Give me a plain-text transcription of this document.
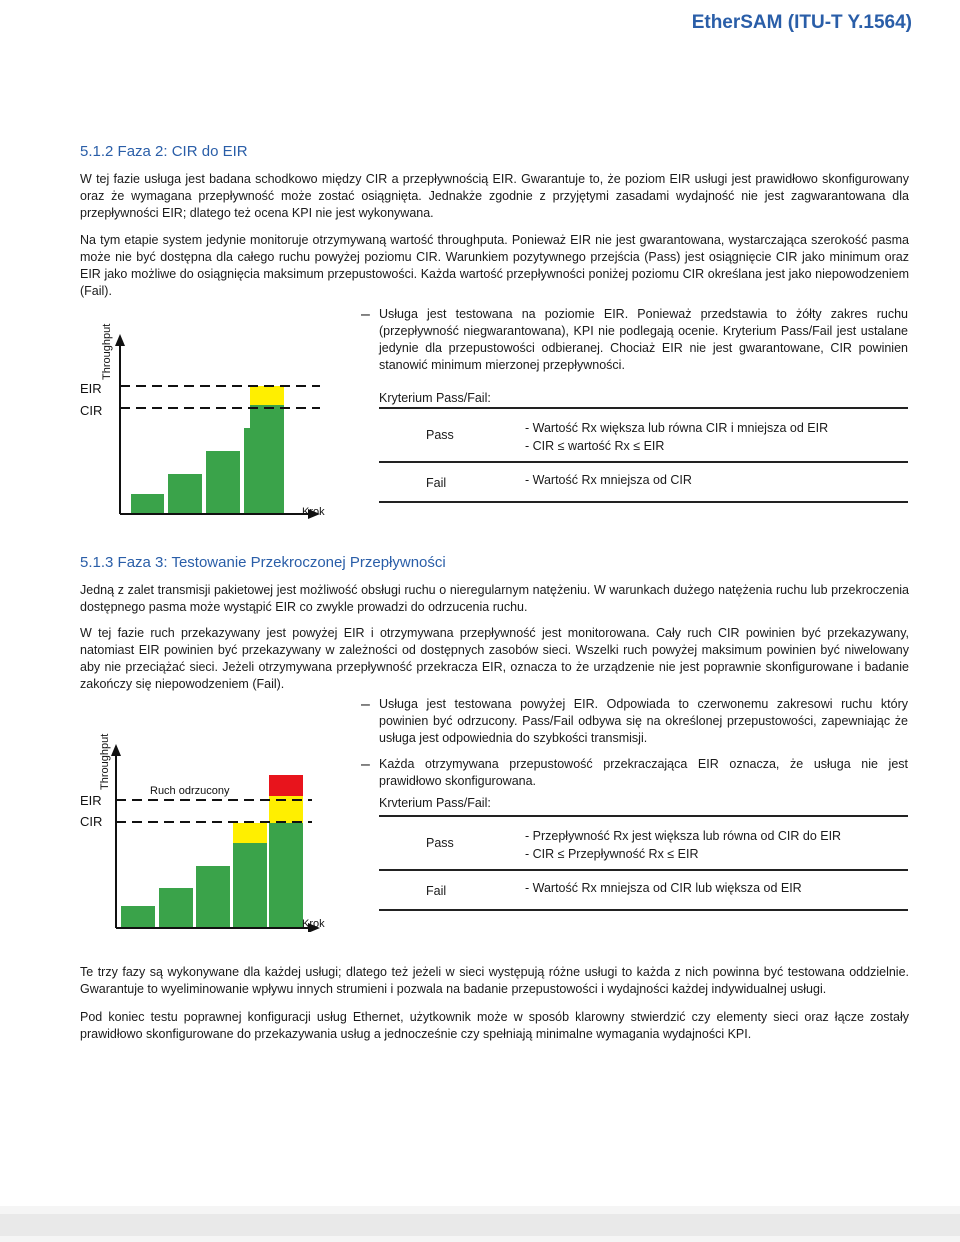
EtherSAM (ITU-T Y.1564)
5.1.2 Faza 2: CIR do EIR

W tej fazie usługa jest badana schodkowo między CIR a przepływnością EIR. Gwarantuje to, że poziom EIR usługi jest prawidłowo skonfigurowany oraz że wymagana przepływność może zostać osiągnięta. Jednakże zgodnie z przyjętymi zasadami wydajność nie jest zagwarantowana dla przepływności EIR; dlatego też ocena KPI nie jest wykonywana.

Na tym etapie system jedynie monitoruje otrzymywaną wartość throughputa. Ponieważ EIR nie jest gwarantowana, wystarczająca szerokość pasma może nie być dostępna dla całego ruchu powyżej poziomu CIR. Warunkiem pozytywnego przejścia (Pass) jest osiągnięcie CIR jako minimum oraz EIR jako możliwe do osiągnięcia maksimum przepustowości. Każda wartość przepływności poniżej poziomu CIR określana jest jako niepowodzeniem (Fail).

EIR
CIR
Throughput
Krok
– Usługa jest testowana na poziomie EIR. Ponieważ przedstawia to żółty zakres ruchu (przepływność niegwarantowana), KPI nie podlegają ocenie. Kryterium Pass/Fail jest ustalane jedynie dla przepustowości odbieranej. Chociaż EIR nie jest gwarantowane, CIR powinien stanowić minimum mierzonej przepływności.

Kryterium Pass/Fail:
Pass	- Wartość Rx większa lub równa CIR i mniejsza od EIR
- CIR ≤ wartość Rx ≤ EIR
Fail	- Wartość Rx mniejsza od CIR
5.1.3 Faza 3: Testowanie Przekroczonej Przepływności

Jedną z zalet transmisji pakietowej jest możliwość obsługi ruchu o nieregularnym natężeniu. W warunkach dużego natężenia ruchu lub przekroczenia dostępnego pasma może wystąpić EIR co zwykle prowadzi do odrzucenia ruchu.

W tej fazie ruch przekazywany jest powyżej EIR i otrzymywana przepływność jest monitorowana. Cały ruch CIR powinien być przekazywany, natomiast EIR powinien być przekazywany w zależności od dostępnych zasobów sieci. Wszelki ruch powyżej maksimum powinien być niwelowany aby nie przeciążać sieci. Jeżeli otrzymywana przepływność przekracza EIR, oznacza to że urządzenie nie jest poprawnie skonfigurowane i badanie zakończy się niepowodzeniem (Fail).

EIR
CIR
Throughput
Ruch odrzucony
Krok
– Usługa jest testowana powyżej EIR. Odpowiada to czerwonemu zakresowi ruchu który powinien być odrzucony. Pass/Fail odbywa się na określonej przepustowości, zapewniając że usługa jest odpowiednia do szybkości transmisji.

– Każda otrzymywana przepustowość przekraczająca EIR oznacza, że usługa nie jest prawidłowo skonfigurowana.

Krvterium Pass/Fail:
Pass	- Przepływność Rx jest większa lub równa od CIR do EIR
- CIR ≤ Przepływność Rx ≤ EIR
Fail	- Wartość Rx mniejsza od CIR lub większa od EIR

Te trzy fazy są wykonywane dla każdej usługi; dlatego też jeżeli w sieci występują różne usługi to każda z nich powinna być testowana oddzielnie. Gwarantuje to wyeliminowanie wpływu innych strumieni i pozwala na badanie przepustowości i wydajności każdej indywidualnej usługi.

Pod koniec testu poprawnej konfiguracji usług Ethernet, użytkownik może w sposób klarowny stwierdzić czy elementy sieci oraz łącze zostały prawidłowo skonfigurowane do przekazywania usług a jednocześnie czy spełniają minimalne wymagania wydajności KPI.
